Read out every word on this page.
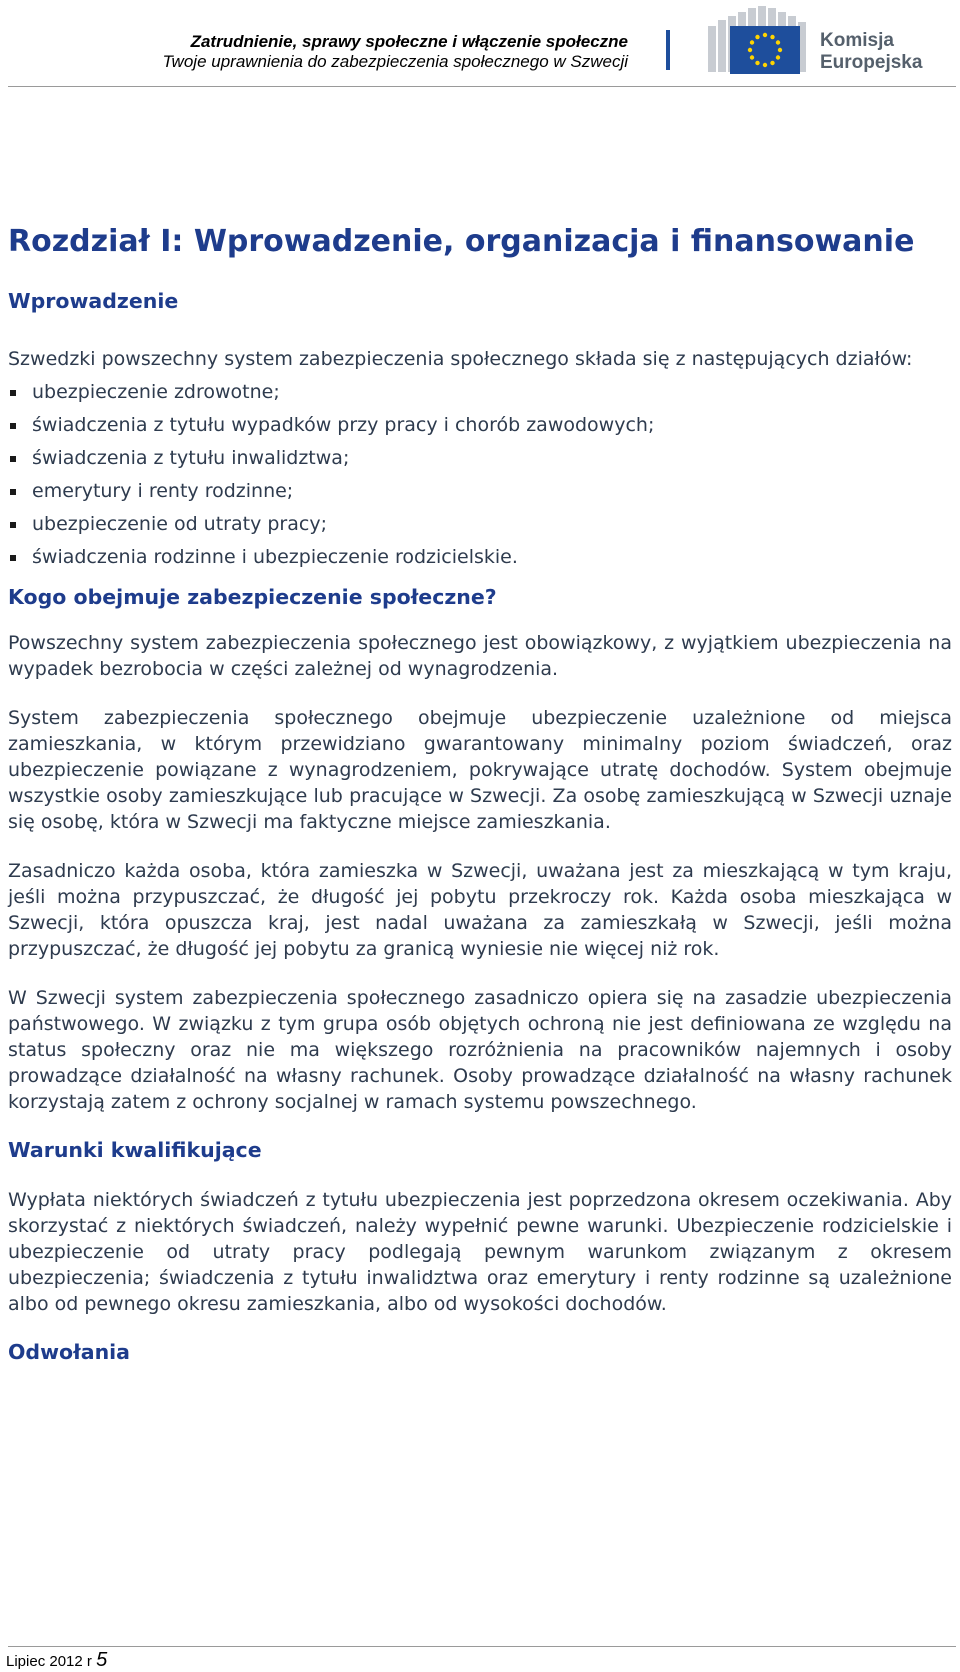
Zatrudnienie, sprawy społeczne i włączenie społeczne
Twoje uprawnienia do zabezpieczenia społecznego w Szwecji
Komisja
Europejska
Rozdział I: Wprowadzenie, organizacja i finansowanie
Wprowadzenie

Szwedzki powszechny system zabezpieczenia społecznego składa się z następujących działów:

ubezpieczenie zdrowotne;
świadczenia z tytułu wypadków przy pracy i chorób zawodowych;
świadczenia z tytułu inwalidztwa;
emerytury i renty rodzinne;
ubezpieczenie od utraty pracy;
świadczenia rodzinne i ubezpieczenie rodzicielskie.
Kogo obejmuje zabezpieczenie społeczne?

Powszechny system zabezpieczenia społecznego jest obowiązkowy, z wyjątkiem ubezpieczenia na wypadek bezrobocia w części zależnej od wynagrodzenia.

System zabezpieczenia społecznego obejmuje ubezpieczenie uzależnione od miejsca zamieszkania, w którym przewidziano gwarantowany minimalny poziom świadczeń, oraz ubezpieczenie powiązane z wynagrodzeniem, pokrywające utratę dochodów. System obejmuje wszystkie osoby zamieszkujące lub pracujące w Szwecji. Za osobę zamieszkującą w Szwecji uznaje się osobę, która w Szwecji ma faktyczne miejsce zamieszkania.

Zasadniczo każda osoba, która zamieszka w Szwecji, uważana jest za mieszkającą w tym kraju, jeśli można przypuszczać, że długość jej pobytu przekroczy rok. Każda osoba mieszkająca w Szwecji, która opuszcza kraj, jest nadal uważana za zamieszkałą w Szwecji, jeśli można przypuszczać, że długość jej pobytu za granicą wyniesie nie więcej niż rok.

W Szwecji system zabezpieczenia społecznego zasadniczo opiera się na zasadzie ubezpieczenia państwowego. W związku z tym grupa osób objętych ochroną nie jest definiowana ze względu na status społeczny oraz nie ma większego rozróżnienia na pracowników najemnych i osoby prowadzące działalność na własny rachunek. Osoby prowadzące działalność na własny rachunek korzystają zatem z ochrony socjalnej w ramach systemu powszechnego.

Warunki kwalifikujące

Wypłata niektórych świadczeń z tytułu ubezpieczenia jest poprzedzona okresem oczekiwania. Aby skorzystać z niektórych świadczeń, należy wypełnić pewne warunki. Ubezpieczenie rodzicielskie i ubezpieczenie od utraty pracy podlegają pewnym warunkom związanym z okresem ubezpieczenia; świadczenia z tytułu inwalidztwa oraz emerytury i renty rodzinne są uzależnione albo od pewnego okresu zamieszkania, albo od wysokości dochodów.

Odwołania
Lipiec 2012 r 5
